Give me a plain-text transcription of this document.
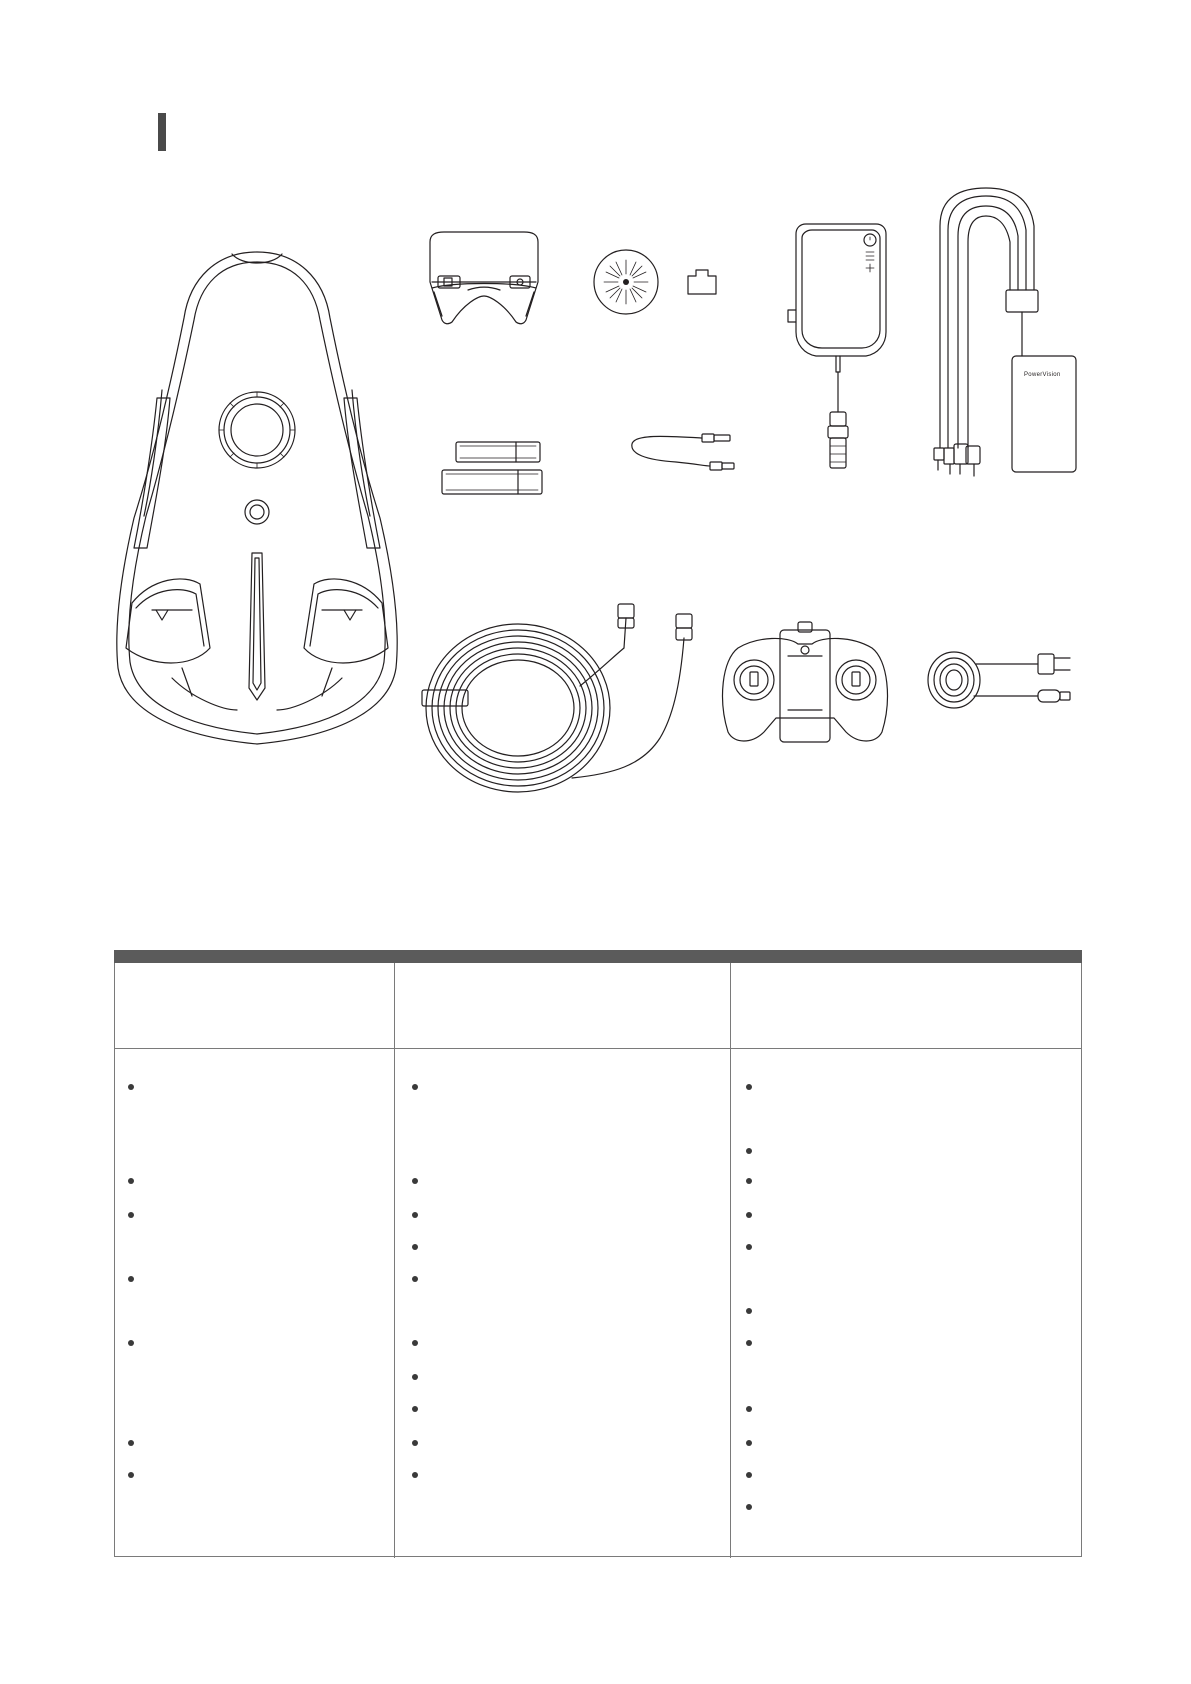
PowerVision
